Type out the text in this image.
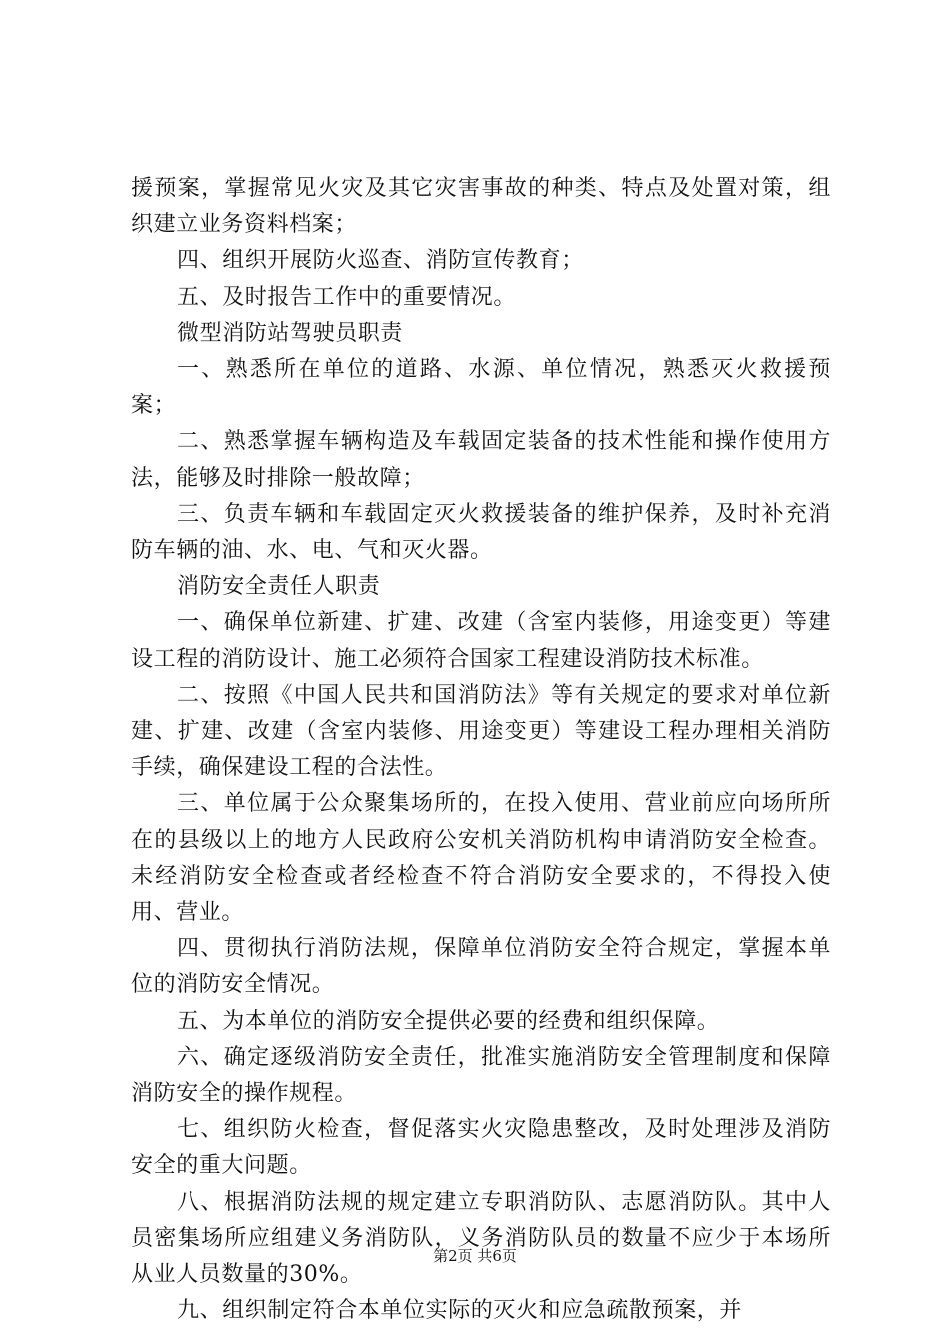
援预案，掌握常见火灾及其它灾害事故的种类、特点及处置对策，组织建立业务资料档案；

四、组织开展防火巡查、消防宣传教育；

五、及时报告工作中的重要情况。

微型消防站驾驶员职责

一、熟悉所在单位的道路、水源、单位情况，熟悉灭火救援预案；

二、熟悉掌握车辆构造及车载固定装备的技术性能和操作使用方法，能够及时排除一般故障；

三、负责车辆和车载固定灭火救援装备的维护保养，及时补充消防车辆的油、水、电、气和灭火器。

消防安全责任人职责

一、确保单位新建、扩建、改建（含室内装修，用途变更）等建设工程的消防设计、施工必须符合国家工程建设消防技术标准。

二、按照《中国人民共和国消防法》等有关规定的要求对单位新建、扩建、改建（含室内装修、用途变更）等建设工程办理相关消防手续，确保建设工程的合法性。

三、单位属于公众聚集场所的，在投入使用、营业前应向场所所在的县级以上的地方人民政府公安机关消防机构申请消防安全检查。未经消防安全检查或者经检查不符合消防安全要求的，不得投入使用、营业。

四、贯彻执行消防法规，保障单位消防安全符合规定，掌握本单位的消防安全情况。

五、为本单位的消防安全提供必要的经费和组织保障。

六、确定逐级消防安全责任，批准实施消防安全管理制度和保障消防安全的操作规程。

七、组织防火检查，督促落实火灾隐患整改，及时处理涉及消防安全的重大问题。

八、根据消防法规的规定建立专职消防队、志愿消防队。其中人员密集场所应组建义务消防队，义务消防队员的数量不应少于本场所从业人员数量的30%。

九、组织制定符合本单位实际的灭火和应急疏散预案，并

第2页 共6页
